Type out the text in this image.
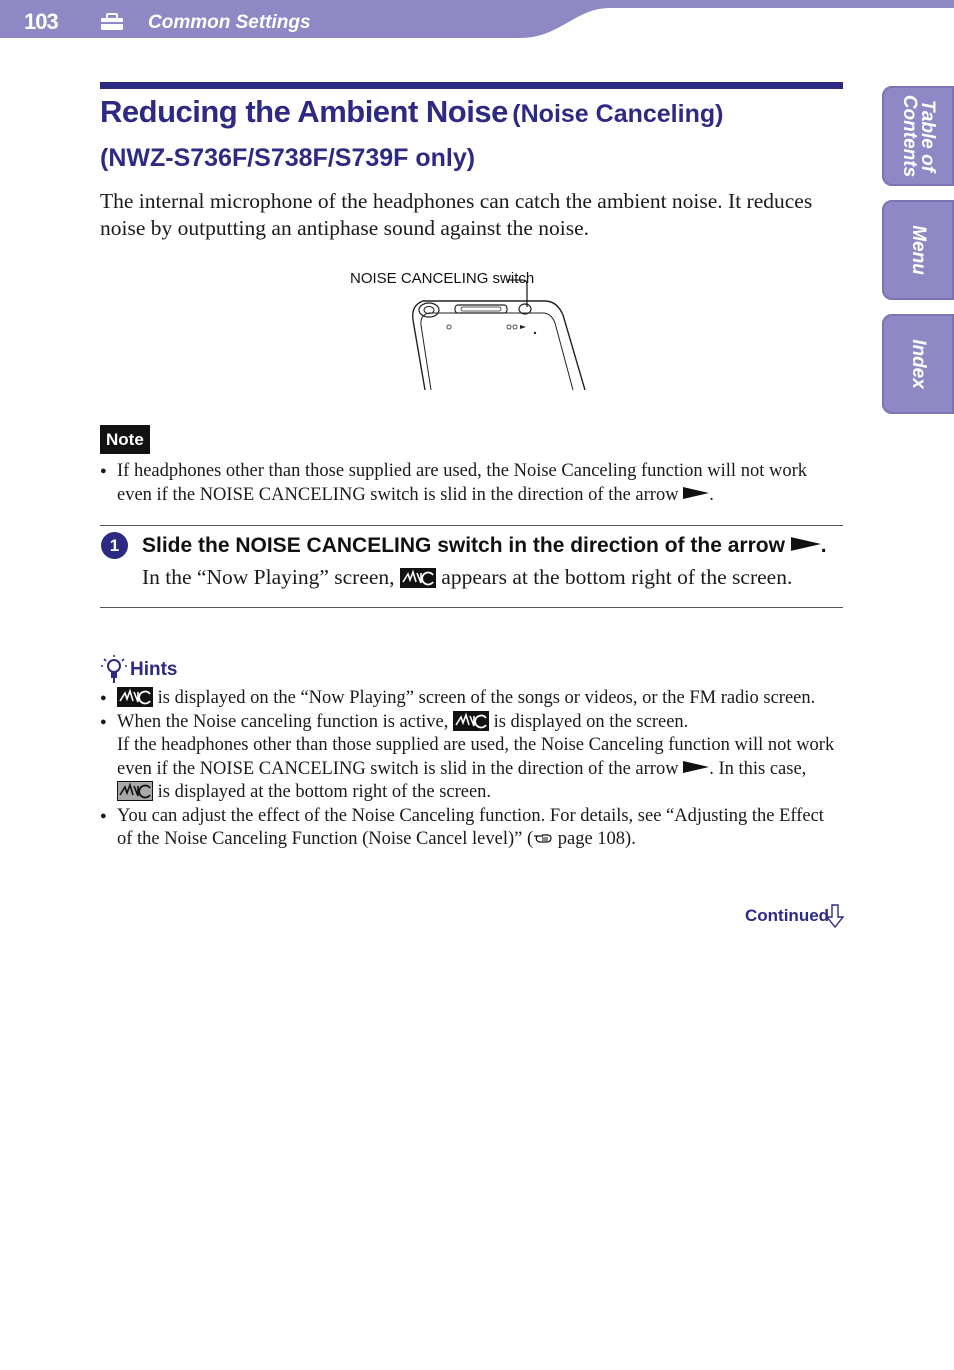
103	Common Settings
Table of
Contents
Menu
Index
Reducing the Ambient Noise (Noise Canceling)
(NWZ-S736F/S738F/S739F only)
The internal microphone of the headphones can catch the ambient noise. It reduces noise by outputting an antiphase sound against the noise.
NOISE CANCELING switch
Note
● If headphones other than those supplied are used, the Noise Canceling function will not work even if the NOISE CANCELING switch is slid in the direction of the arrow .
1	Slide the NOISE CANCELING switch in the direction of the arrow .
In the “Now Playing” screen,  appears at the bottom right of the screen.
Hints
● is displayed on the “Now Playing” screen of the songs or videos, or the FM radio screen.
● When the Noise canceling function is active,  is displayed on the screen.
If the headphones other than those supplied are used, the Noise Canceling function will not work even if the NOISE CANCELING switch is slid in the direction of the arrow . In this case,  is displayed at the bottom right of the screen.
● You can adjust the effect of the Noise Canceling function. For details, see “Adjusting the Effect of the Noise Canceling Function (Noise Cancel level)” ( page 108).
Continued
